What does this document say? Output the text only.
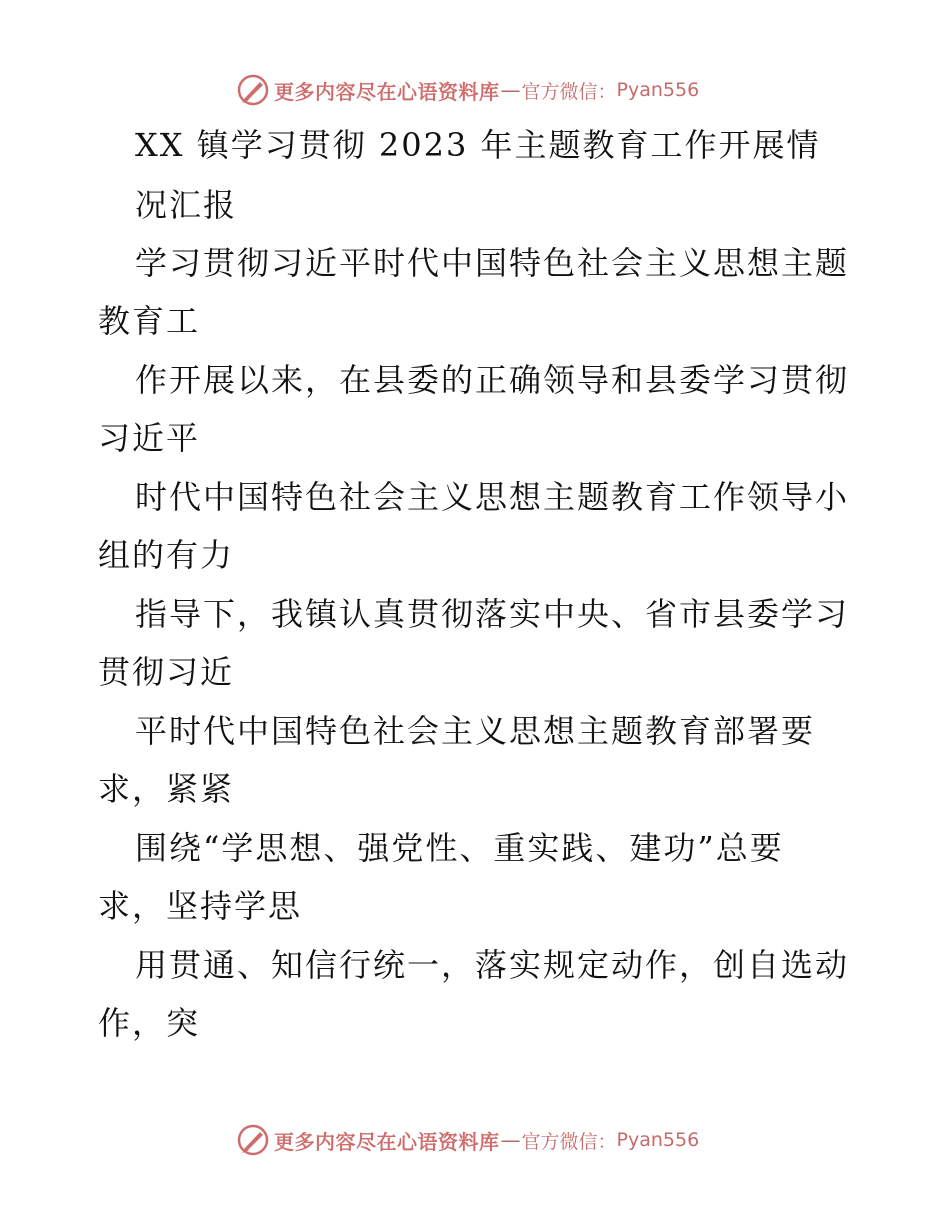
更多内容尽在心语资料库 — 官方微信： Pyan556
XX 镇学习贯彻 2023 年主题教育工作开展情
况汇报
学习贯彻习近平时代中国特色社会主义思想主题
教育工
作开展以来，在县委的正确领导和县委学习贯彻
习近平
时代中国特色社会主义思想主题教育工作领导小
组的有力
指导下，我镇认真贯彻落实中央、省市县委学习
贯彻习近
平时代中国特色社会主义思想主题教育部署要
求，紧紧
围绕“学思想、强党性、重实践、建功”总要
求，坚持学思
用贯通、知信行统一，落实规定动作，创自选动
作，突
更多内容尽在心语资料库 — 官方微信： Pyan556
